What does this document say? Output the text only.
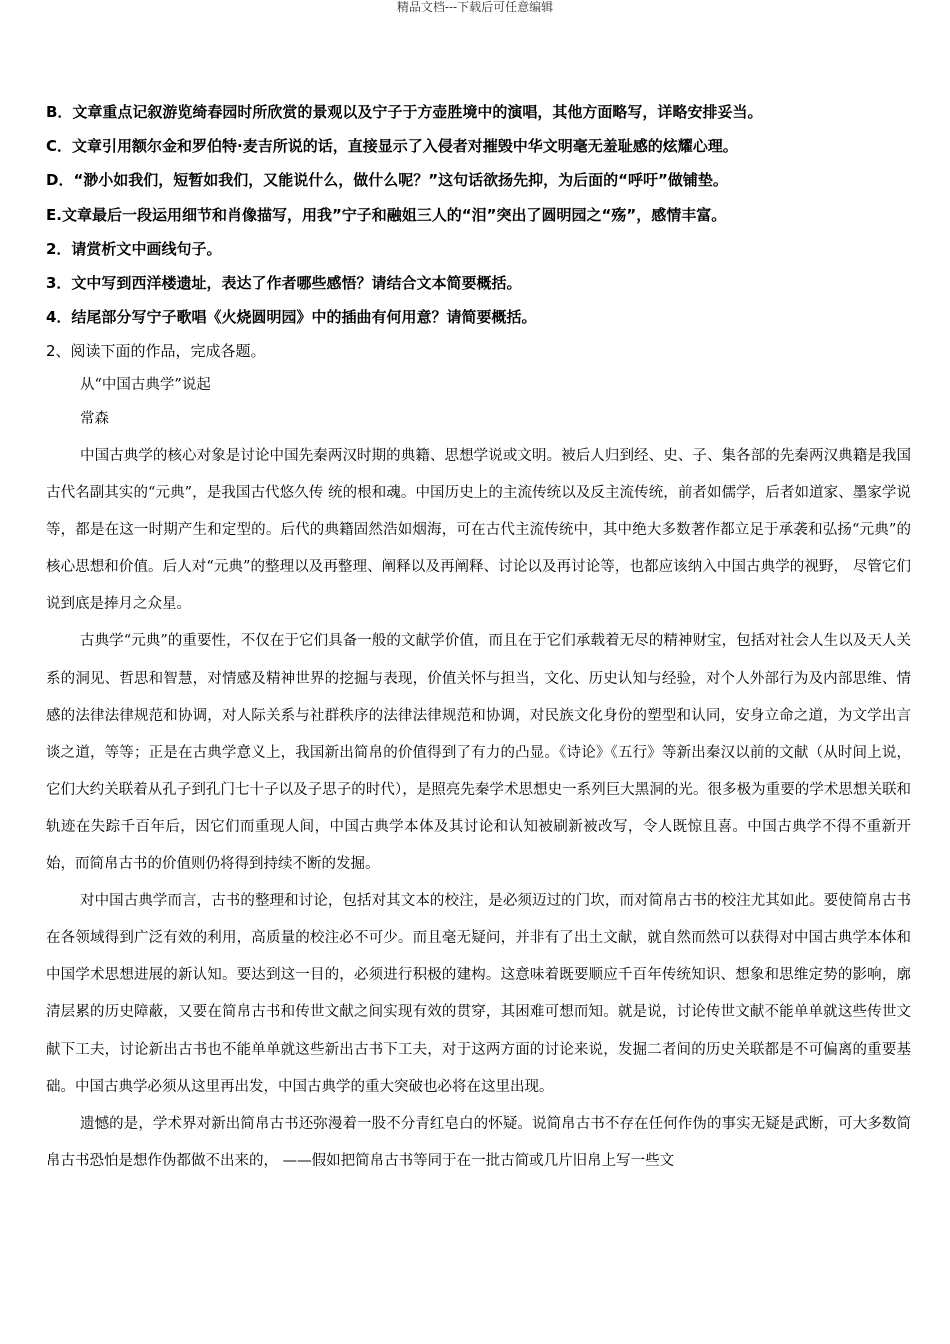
精品文档---下载后可任意编辑
B．文章重点记叙游览绮春园时所欣赏的景观以及宁子于方壶胜境中的演唱，其他方面略写，详略安排妥当。
C．文章引用额尔金和罗伯特·麦吉所说的话，直接显示了入侵者对摧毁中华文明毫无羞耻感的炫耀心理。
D．“渺小如我们，短暂如我们，又能说什么，做什么呢？”这句话欲扬先抑，为后面的“呼吁”做铺垫。
E.文章最后一段运用细节和肖像描写，用我”宁子和融姐三人的“泪”突出了圆明园之“殇”，感情丰富。
2．请赏析文中画线句子。
3．文中写到西洋楼遗址，表达了作者哪些感悟？请结合文本简要概括。
4．结尾部分写宁子歌唱《火烧圆明园》中的插曲有何用意？请简要概括。
2、阅读下面的作品，完成各题。
从“中国古典学”说起
常森

中国古典学的核心对象是讨论中国先秦两汉时期的典籍、思想学说或文明。被后人归到经、史、子、集各部的先秦两汉典籍是我国古代名副其实的“元典”，是我国古代悠久传 统的根和魂。中国历史上的主流传统以及反主流传统，前者如儒学，后者如道家、墨家学说等，都是在这一时期产生和定型的。后代的典籍固然浩如烟海，可在古代主流传统中，其中绝大多数著作都立足于承袭和弘扬“元典”的核心思想和价值。后人对“元典”的整理以及再整理、阐释以及再阐释、讨论以及再讨论等，也都应该纳入中国古典学的视野， 尽管它们说到底是捧月之众星。

古典学“元典”的重要性，不仅在于它们具备一般的文献学价值，而且在于它们承载着无尽的精神财宝，包括对社会人生以及天人关系的洞见、哲思和智慧，对情感及精神世界的挖掘与表现，价值关怀与担当，文化、历史认知与经验，对个人外部行为及内部思维、情感的法律法律规范和协调，对人际关系与社群秩序的法律法律规范和协调，对民族文化身份的塑型和认同，安身立命之道，为文学出言谈之道，等等；正是在古典学意义上，我国新出简帛的价值得到了有力的凸显。《诗论》《五行》等新出秦汉以前的文献（从时间上说，它们大约关联着从孔子到孔门七十子以及子思子的时代），是照亮先秦学术思想史一系列巨大黑洞的光。很多极为重要的学术思想关联和轨迹在失踪千百年后，因它们而重现人间，中国古典学本体及其讨论和认知被刷新被改写，令人既惊且喜。中国古典学不得不重新开始，而简帛古书的价值则仍将得到持续不断的发掘。

对中国古典学而言，古书的整理和讨论，包括对其文本的校注，是必须迈过的门坎，而对简帛古书的校注尤其如此。要使简帛古书在各领域得到广泛有效的利用，高质量的校注必不可少。而且毫无疑问，并非有了出土文献，就自然而然可以获得对中国古典学本体和中国学术思想进展的新认知。要达到这一目的，必须进行积极的建构。这意味着既要顺应千百年传统知识、想象和思维定势的影响，廓清层累的历史障蔽，又要在简帛古书和传世文献之间实现有效的贯穿，其困难可想而知。就是说，讨论传世文献不能单单就这些传世文献下工夫，讨论新出古书也不能单单就这些新出古书下工夫，对于这两方面的讨论来说，发掘二者间的历史关联都是不可偏离的重要基础。中国古典学必须从这里再出发，中国古典学的重大突破也必将在这里出现。

遗憾的是，学术界对新出简帛古书还弥漫着一股不分青红皂白的怀疑。说简帛古书不存在任何作伪的事实无疑是武断，可大多数简帛古书恐怕是想作伪都做不出来的， ——假如把简帛古书等同于在一批古简或几片旧帛上写一些文
